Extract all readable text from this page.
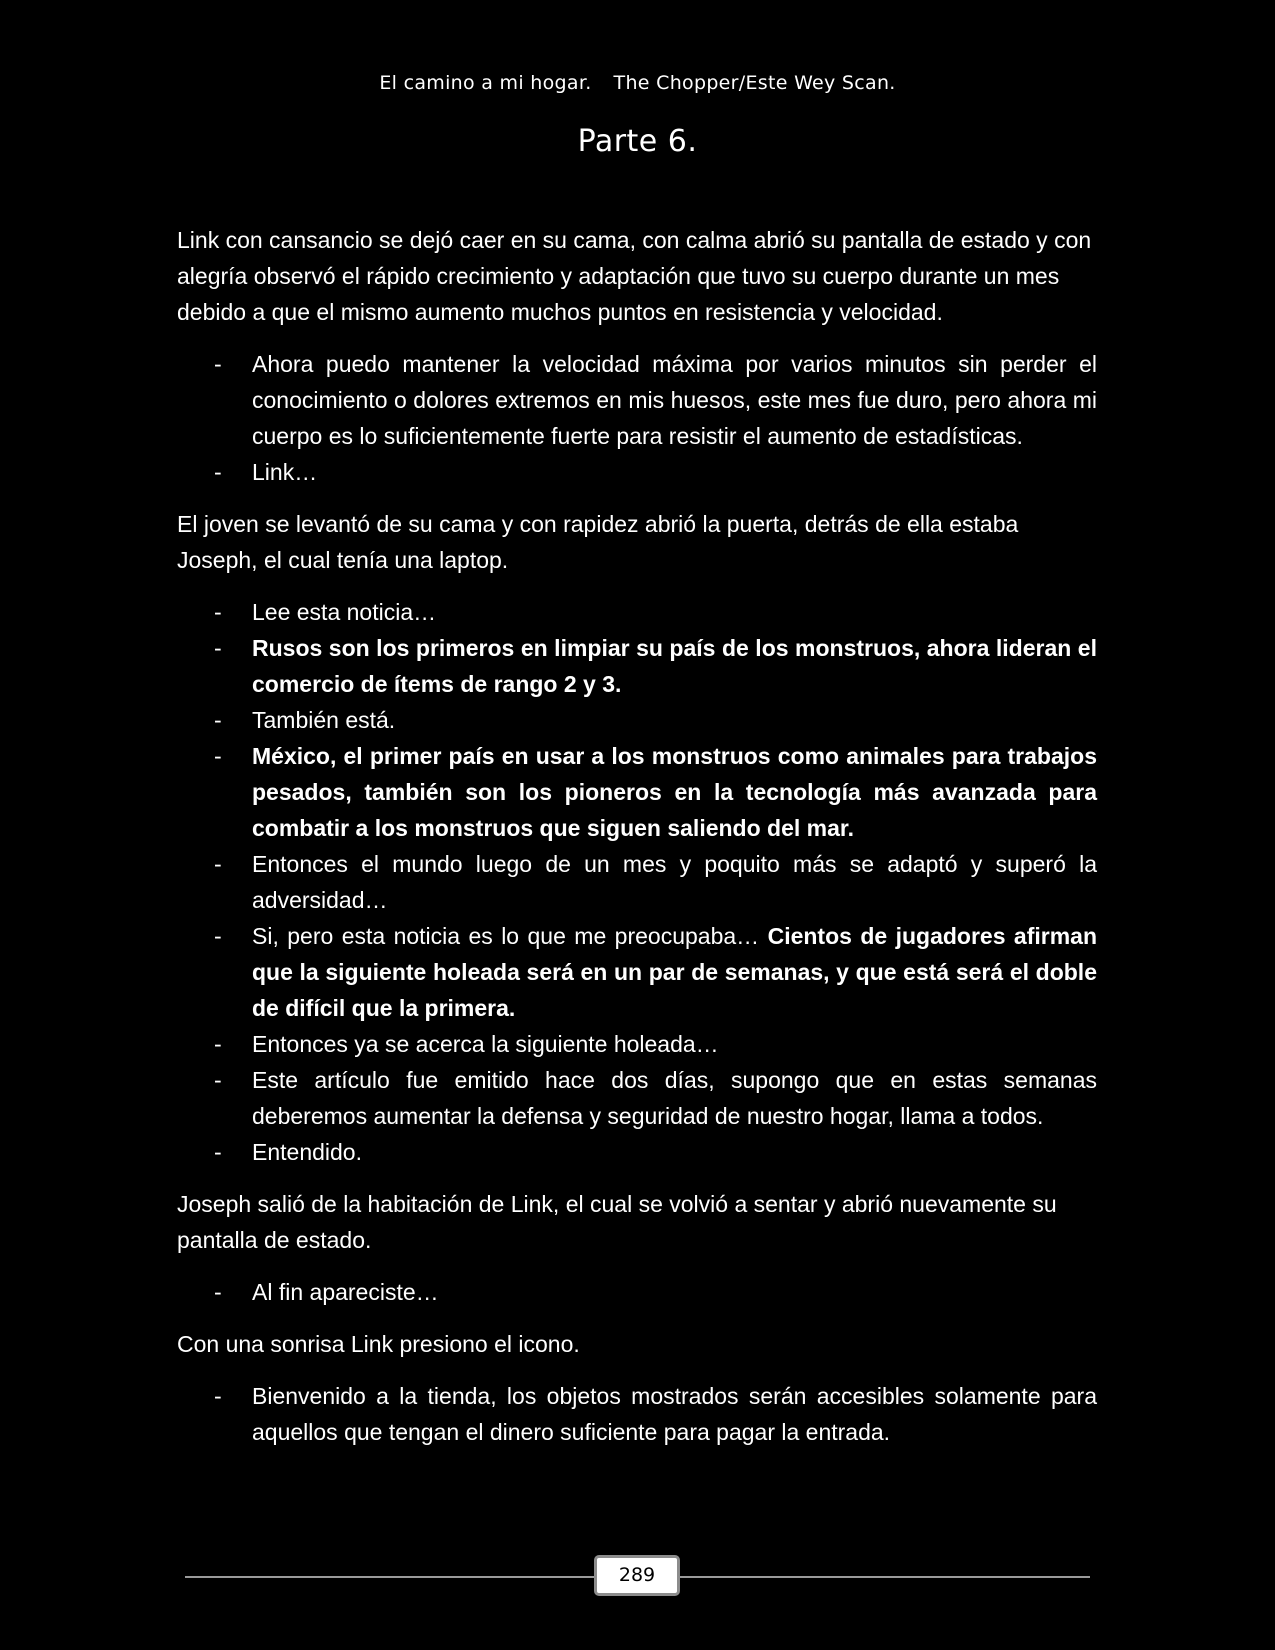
El camino a mi hogar. The Chopper/Este Wey Scan.
Parte 6.

Link con cansancio se dejó caer en su cama, con calma abrió su pantalla de estado y con alegría observó el rápido crecimiento y adaptación que tuvo su cuerpo durante un mes debido a que el mismo aumento muchos puntos en resistencia y velocidad.

-	Ahora puedo mantener la velocidad máxima por varios minutos sin perder el conocimiento o dolores extremos en mis huesos, este mes fue duro, pero ahora mi cuerpo es lo suficientemente fuerte para resistir el aumento de estadísticas.
-	Link…

El joven se levantó de su cama y con rapidez abrió la puerta, detrás de ella estaba Joseph, el cual tenía una laptop.

-	Lee esta noticia…
-	Rusos son los primeros en limpiar su país de los monstruos, ahora lideran el comercio de ítems de rango 2 y 3.
-	También está.
-	México, el primer país en usar a los monstruos como animales para trabajos pesados, también son los pioneros en la tecnología más avanzada para combatir a los monstruos que siguen saliendo del mar.
-	Entonces el mundo luego de un mes y poquito más se adaptó y superó la adversidad…
-	Si, pero esta noticia es lo que me preocupaba… Cientos de jugadores afirman que la siguiente holeada será en un par de semanas, y que está será el doble de difícil que la primera.
-	Entonces ya se acerca la siguiente holeada…
-	Este artículo fue emitido hace dos días, supongo que en estas semanas deberemos aumentar la defensa y seguridad de nuestro hogar, llama a todos.
-	Entendido.

Joseph salió de la habitación de Link, el cual se volvió a sentar y abrió nuevamente su pantalla de estado.

-	Al fin apareciste…

Con una sonrisa Link presiono el icono.

-	Bienvenido a la tienda, los objetos mostrados serán accesibles solamente para aquellos que tengan el dinero suficiente para pagar la entrada.
289
